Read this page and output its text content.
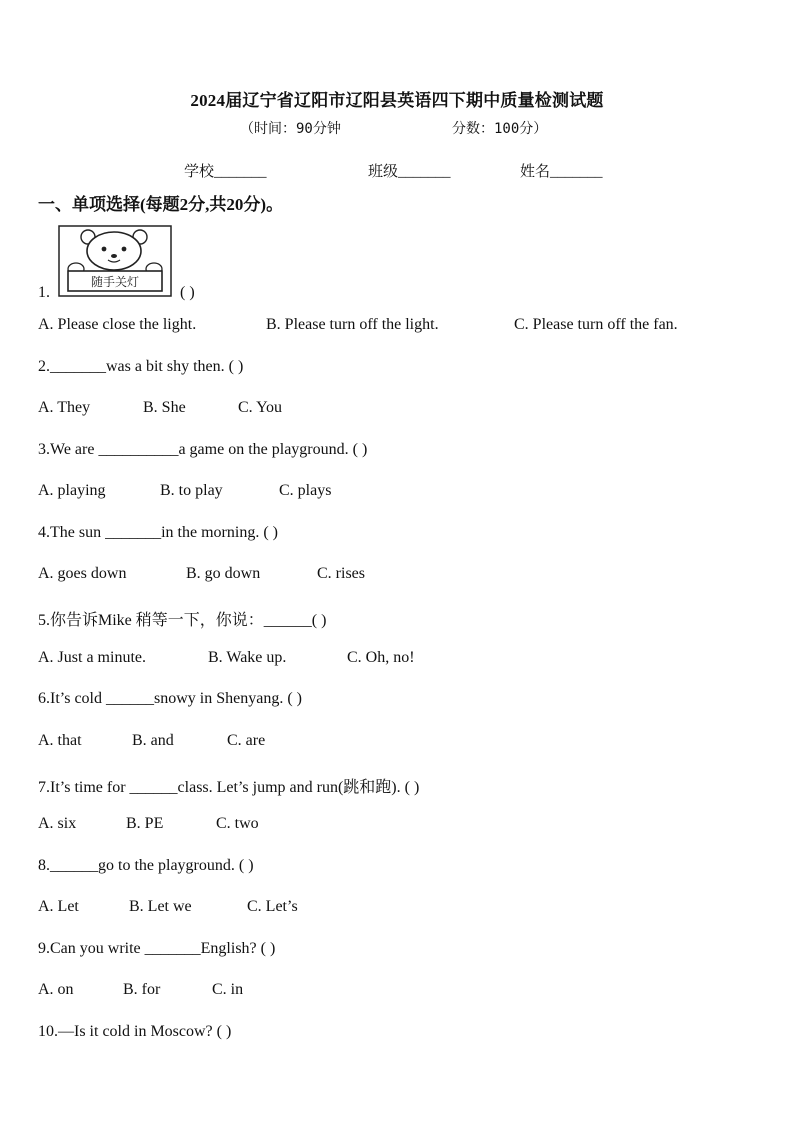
2024届辽宁省辽阳市辽阳县英语四下期中质量检测试题
（时间：90分钟	分数：100分）
学校_______	班级_______	姓名_______
一、单项选择(每题2分,共20分)。
1.
随手关灯
( )
A. Please close the light.	B. Please turn off the light.	C. Please turn off the fan.
2._______was a bit shy then. ( )
A. They	B. She	C. You
3.We are __________a game on the playground. ( )
A. playing	B. to play	C. plays
4.The sun _______in the morning. ( )
A. goes down	B. go down	C. rises
5.你告诉Mike 稍等一下，你说：______( )
A. Just a minute.	B. Wake up.	C. Oh, no!
6.It’s cold ______snowy in Shenyang. ( )
A. that	B. and	C. are
7.It’s time for ______class. Let’s jump and run(跳和跑). ( )
A. six	B. PE	C. two
8.______go to the playground. ( )
A. Let	B. Let we	C. Let’s
9.Can you write _______English? ( )
A. on	B. for	C. in
10.—Is it cold in Moscow? ( )
